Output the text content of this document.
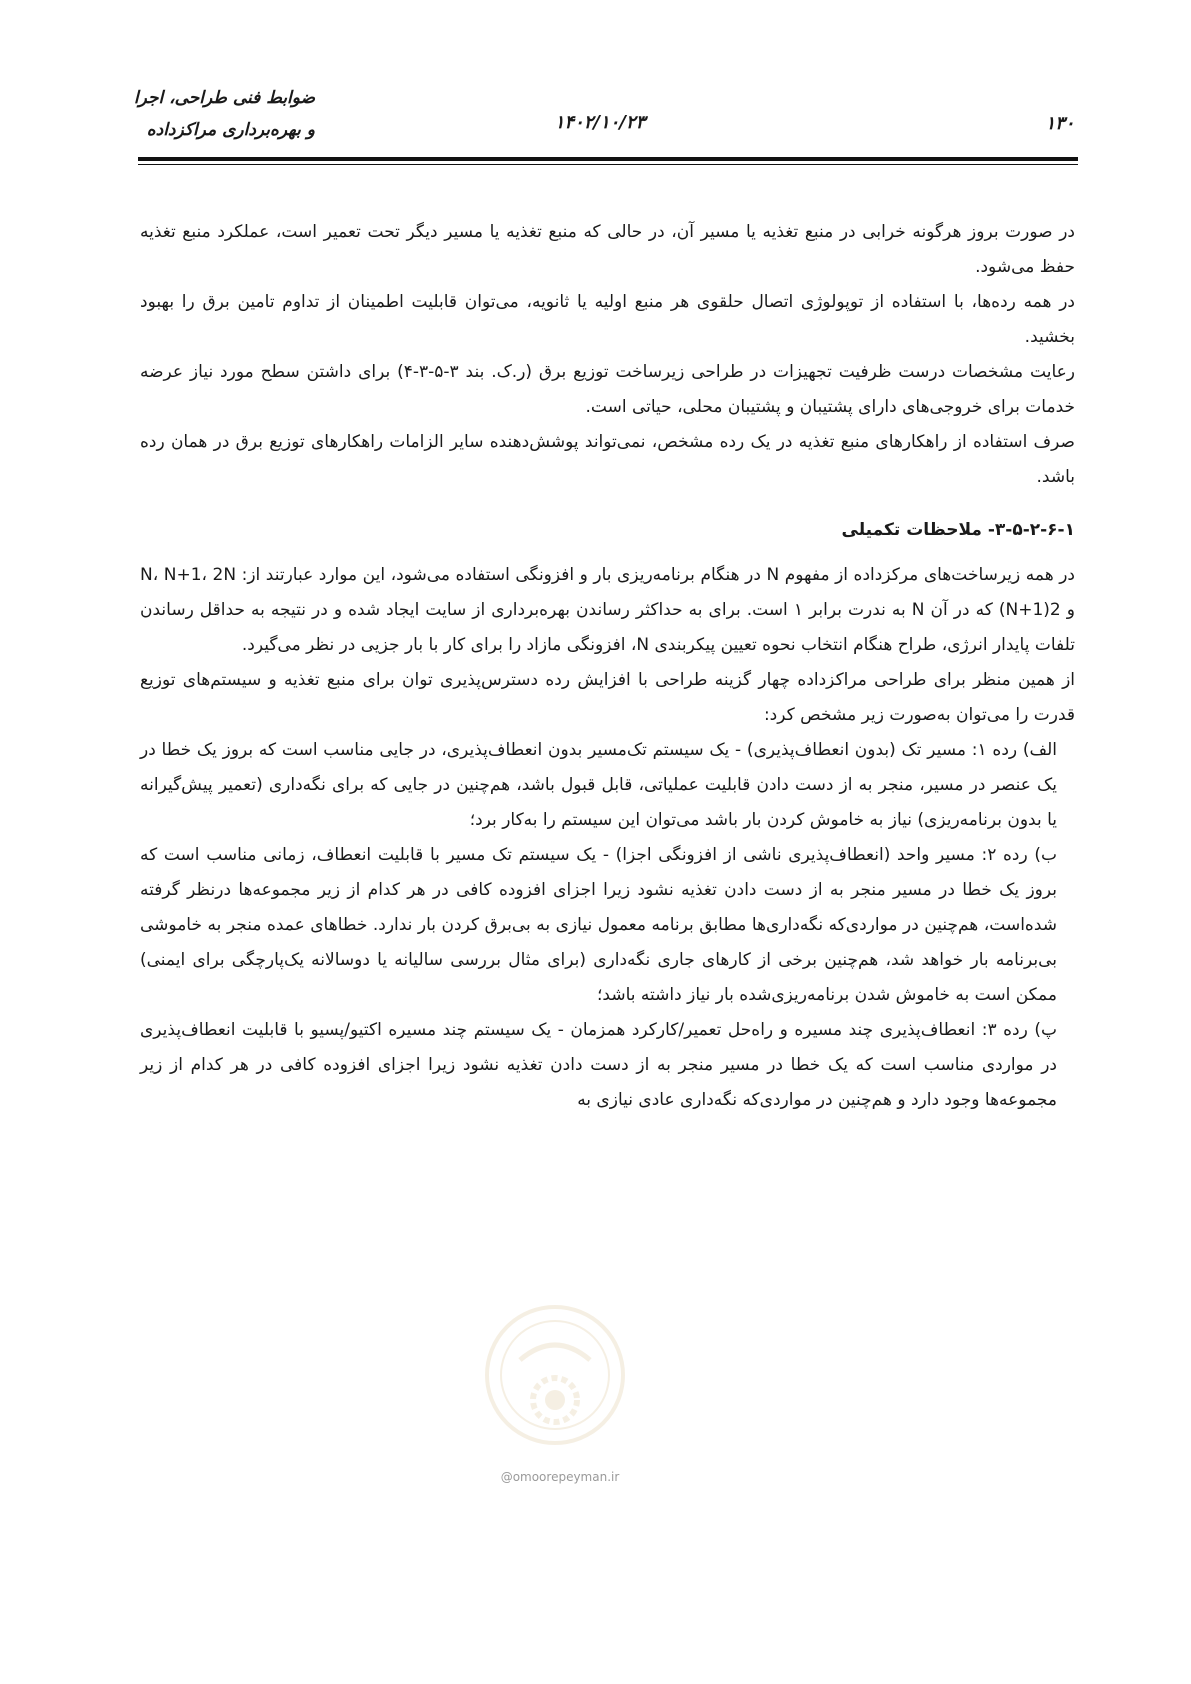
ضوابط فنی طراحی، اجرا
و بهره‌برداری مراکزداده	۱۴۰۲/۱۰/۲۳	۱۳۰

در صورت بروز هرگونه خرابی در منبع تغذیه یا مسیر آن، در حالی که منبع تغذیه یا مسیر دیگر تحت تعمیر است، عملکرد منبع تغذیه حفظ می‌شود.

در همه رده‌ها، با استفاده از توپولوژی اتصال حلقوی هر منبع اولیه یا ثانویه، می‌توان قابلیت اطمینان از تداوم تامین برق را بهبود بخشید.

رعایت مشخصات درست ظرفیت تجهیزات در طراحی زیرساخت توزیع برق (ر.ک. بند ۳-۵-۳-۴) برای داشتن سطح مورد نیاز عرضه خدمات برای خروجی‌های دارای پشتیبان و پشتیبان محلی، حیاتی است.

صرف استفاده از راهکارهای منبع تغذیه در یک رده مشخص، نمی‌تواند پوشش‌دهنده سایر الزامات راهکارهای توزیع برق در همان رده باشد.

۳-۵-۲-۶-۱- ملاحظات تکمیلی

در همه زیرساخت‌های مرکزداده از مفهوم N در هنگام برنامه‌ریزی بار و افزونگی استفاده می‌شود، این موارد عبارتند از: N، N+1، 2N و 2(N+1) که در آن N به ندرت برابر ۱ است. برای به حداکثر رساندن بهره‌برداری از سایت ایجاد شده و در نتیجه به حداقل رساندن تلفات پایدار انرژی، طراح هنگام انتخاب نحوه تعیین پیکربندی N، افزونگی مازاد را برای کار با بار جزیی در نظر می‌گیرد.

از همین منظر برای طراحی مراکزداده چهار گزینه طراحی با افزایش رده دسترس‌پذیری توان برای منبع تغذیه و سیستم‌های توزیع قدرت را می‌توان به‌صورت زیر مشخص کرد:

الف) رده ۱: مسیر تک (بدون انعطاف‌پذیری) - یک سیستم تک‌مسیر بدون انعطاف‌پذیری، در جایی مناسب است که بروز یک خطا در یک عنصر در مسیر، منجر به از دست دادن قابلیت عملیاتی، قابل قبول باشد، هم‌چنین در جایی که برای نگه‌داری (تعمیر پیش‌گیرانه یا بدون برنامه‌ریزی) نیاز به خاموش کردن بار باشد می‌توان این سیستم را به‌کار برد؛

ب) رده ۲: مسیر واحد (انعطاف‌پذیری ناشی از افزونگی اجزا) - یک سیستم تک مسیر با قابلیت انعطاف، زمانی مناسب است که بروز یک خطا در مسیر منجر به از دست دادن تغذیه نشود زیرا اجزای افزوده کافی در هر کدام از زیر مجموعه‌ها درنظر گرفته شده‌است، هم‌چنین در مواردی‌که نگه‌داری‌ها مطابق برنامه معمول نیازی به بی‌برق کردن بار ندارد. خطاهای عمده منجر به خاموشی بی‌برنامه بار خواهد شد، هم‌چنین برخی از کارهای جاری نگه‌داری (برای مثال بررسی سالیانه یا دوسالانه یک‌پارچگی برای ایمنی) ممکن است به خاموش شدن برنامه‌ریزی‌شده بار نیاز داشته باشد؛

پ) رده ۳: انعطاف‌پذیری چند مسیره و راه‌حل تعمیر/کارکرد همزمان - یک سیستم چند مسیره اکتیو/پسیو با قابلیت انعطاف‌پذیری در مواردی مناسب است که یک خطا در مسیر منجر به از دست دادن تغذیه نشود زیرا اجزای افزوده کافی در هر کدام از زیر مجموعه‌ها وجود دارد و هم‌چنین در مواردی‌که نگه‌داری عادی نیازی به

@omoorepeyman.ir
